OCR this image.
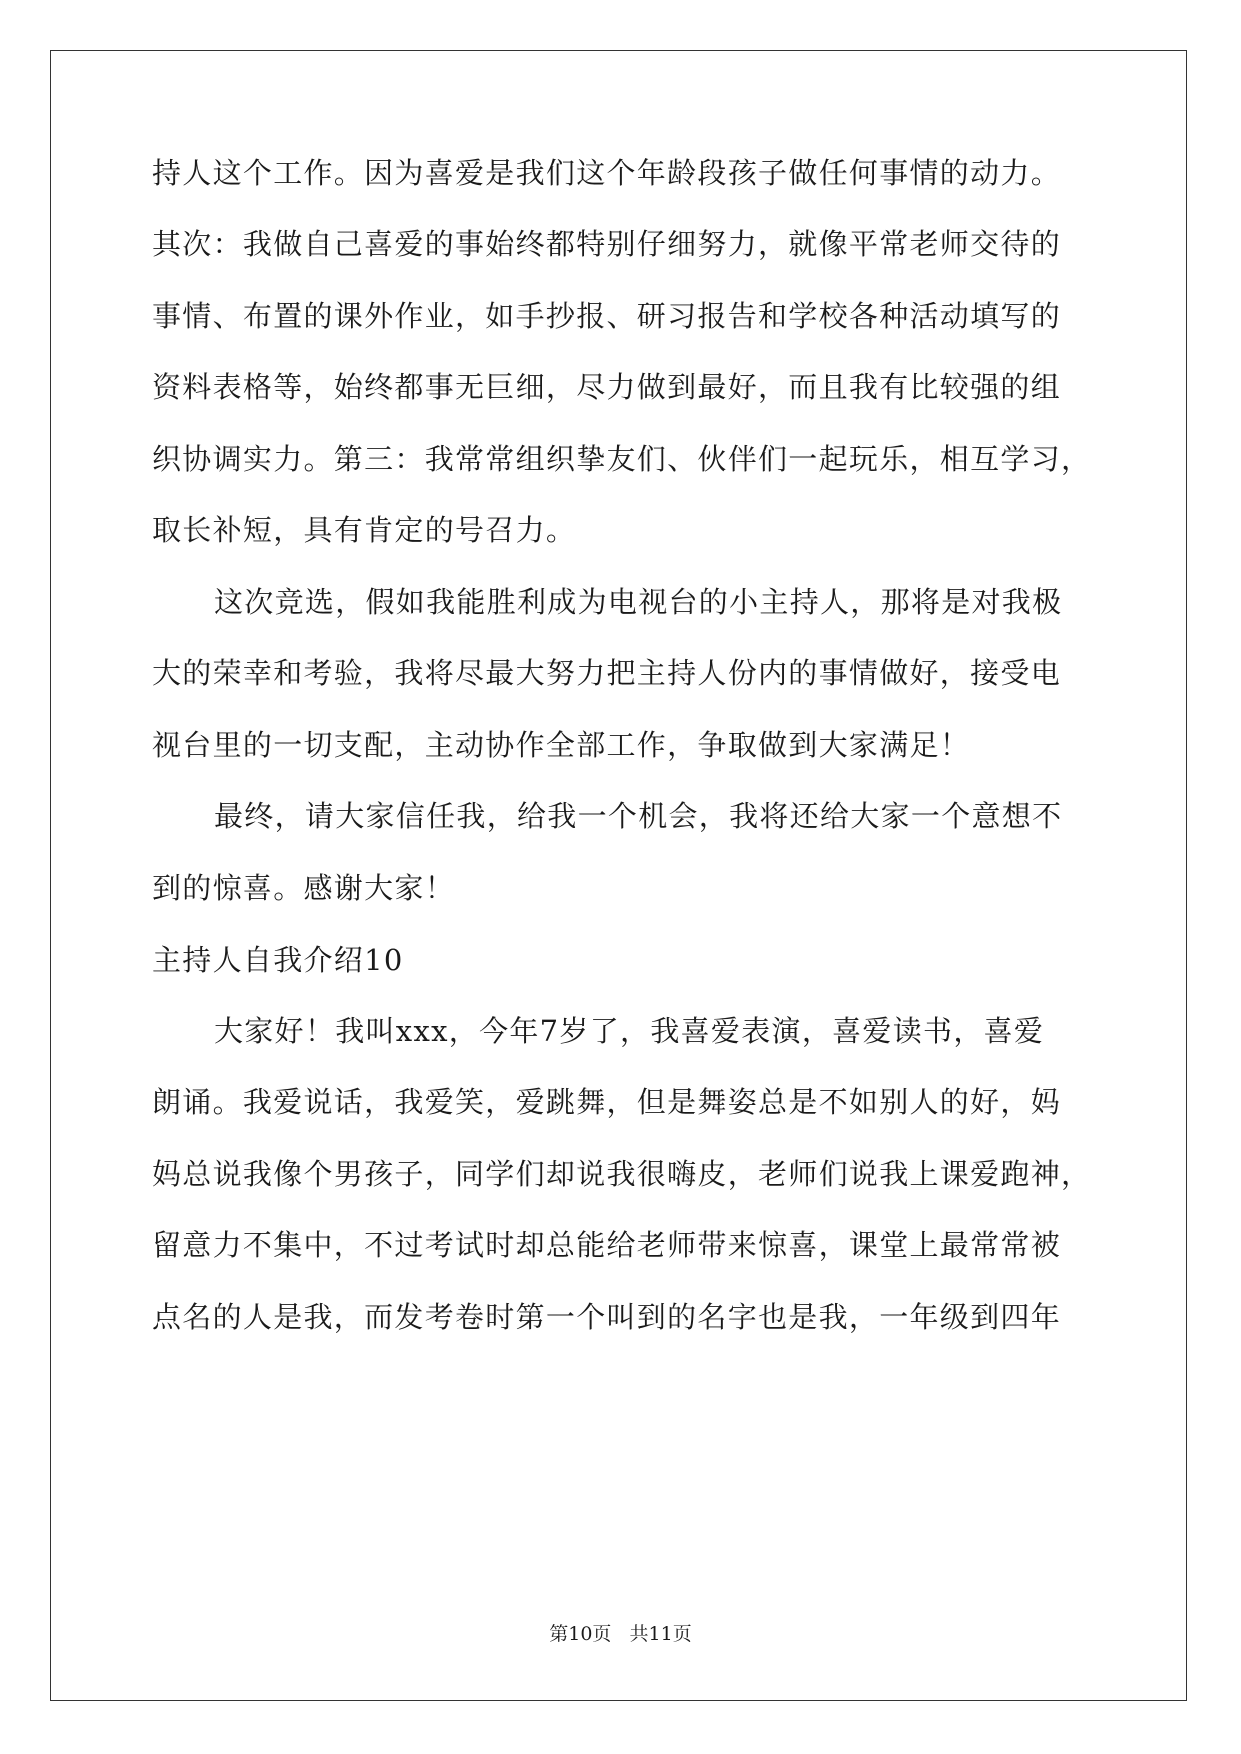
持人这个工作。因为喜爱是我们这个年龄段孩子做任何事情的动力。
其次：我做自己喜爱的事始终都特别仔细努力，就像平常老师交待的
事情、布置的课外作业，如手抄报、研习报告和学校各种活动填写的
资料表格等，始终都事无巨细，尽力做到最好，而且我有比较强的组
织协调实力。第三：我常常组织挚友们、伙伴们一起玩乐，相互学习，
取长补短，具有肯定的号召力。
这次竞选，假如我能胜利成为电视台的小主持人，那将是对我极
大的荣幸和考验，我将尽最大努力把主持人份内的事情做好，接受电
视台里的一切支配，主动协作全部工作，争取做到大家满足！
最终，请大家信任我，给我一个机会，我将还给大家一个意想不
到的惊喜。感谢大家！
主持人自我介绍10
大家好！我叫xxx，今年7岁了，我喜爱表演，喜爱读书，喜爱
朗诵。我爱说话，我爱笑，爱跳舞，但是舞姿总是不如别人的好，妈
妈总说我像个男孩子，同学们却说我很嗨皮，老师们说我上课爱跑神，
留意力不集中，不过考试时却总能给老师带来惊喜，课堂上最常常被
点名的人是我，而发考卷时第一个叫到的名字也是我，一年级到四年
第10页   共11页
